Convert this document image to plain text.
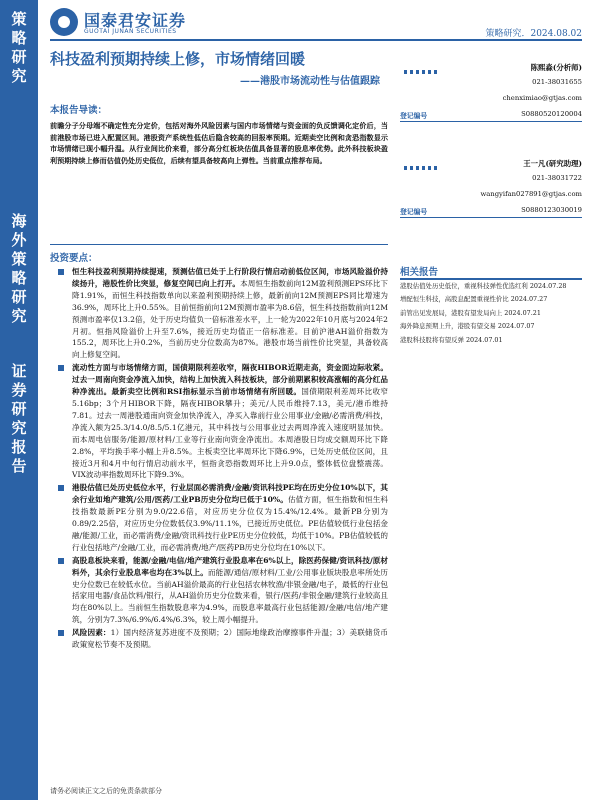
策略研究
海外策略研究
证券研究报告
国泰君安证券
GUOTAI JUNAN SECURITIES	策略研究．2024.08.02
科技盈利预期持续上修，市场情绪回暖
——港股市场流动性与估值跟踪
本报告导读：
前瞻分子分母端不确定性充分定价，包括对海外风险因素与国内市场情绪与资金面的负反馈调化定价后，当前港股市场已进入配置区间。港股资产系统性低估后隐含较高的回报率预期。近期卖空比例和贪恐指数显示市场情绪已现小幅升温。从行业间比价来看，部分高分红板块估值具备显著的股息率优势。此外科技板块盈利预期持续上修而估值仍处历史低位，后续有望具备较高向上弹性。当前重点推荐布局。
投资要点：
恒生科技盈利预期持续提速，预测估值已处于上行阶段行情启动前低位区间，市场风险溢价持续扬升，港股性价比突显，修复空间已向上打开。本周恒生指数前向12M盈利预测EPS环比下降1.91%，而恒生科技指数单向以来盈利预期持续上修，最新前向12M预测EPS同比增速为36.9%，周环比上升0.55%。目前恒指前向12M预测市盈率为8.6倍，恒生科技指数前向12M预测市盈率仅13.2倍，处于历史均值负一倍标准差水平，上一轮为2022年10月底与2024年2月初。恒指风险溢价上升至7.6%，接近历史均值正一倍标准差。目前沪港AH溢价指数为155.2，周环比上升0.2%，当前历史分位数高为87%。港股市场当前性价比突显，具备较高向上修复空间。
流动性方面与市场情绪方面，国债期限利差收窄，隔夜HIBOR近期走高，资金面边际收紧。过去一周南向资金净流入加快，结构上加快流入科技板块，部分前期累积较高涨幅的高分红品种净流出。最新卖空比例和RSI指标显示当前市场情绪有所回暖。国债期限利差周环比收窄5.16bp；3个月HIBOR下降，隔夜HIBOR攀升；美元/人民币维持7.13，美元/港币维持7.81。过去一周港股通南向资金加快净流入，净买入靠前行业公用事业/金融/必需消费/科技，净流入额为25.3/14.0/8.5/5.1亿港元，其中科技与公用事业过去两周净流入速度明显加快。而本周电信服务/能源/原材料/工业等行业南向资金净流出。本周港股日均成交额周环比下降2.8%，平均换手率小幅上升8.5%。主板卖空比率周环比下降6.9%，已处历史低位区间，且接近3月和4月中旬行情启动前水平，恒指贪恐指数周环比上升9.0点，整体低位盘整震荡。VIX波动率指数周环比下降9.3%。
港股估值已处历史低位水平，行业层面必需消费/金融/资讯科技PE均在历史分位10%以下，其余行业如地产建筑/公用/医药/工业PB历史分位均已低于10%。估值方面，恒生指数和恒生科技指数最新PE分别为9.0/22.6倍，对应历史分位仅为15.4%/12.4%。最新PB分别为0.89/2.25倍，对应历史分位数低仅3.9%/11.1%，已接近历史低位。PE估值较低行业包括金融/能源/工业，而必需消费/金融/资讯科技行业PE历史分位较低，均低于10%。PB估值较低的行业包括地产/金融/工业，而必需消费/地产/医药PB历史分位均在10%以下。
高股息板块来看，能源/金融/电信/地产建筑行业股息率在6%以上，除医药保健/资讯科技/原材料外，其余行业股息率也均在3%以上。而能源/通信/原材料/工业/公用事业版块股息率所处历史分位数已在较低水位。当前AH溢价最高的行业包括农林牧渔/非银金融/电子，最低的行业包括家用电器/食品饮料/银行，从AH溢价历史分位数来看，银行/医药/非银金融/建筑行业较高且均在80%以上。当前恒生指数股息率为4.9%，而股息率最高行业包括能源/金融/电信/地产建筑，分别为7.3%/6.9%/6.4%/6.3%，较上周小幅提升。
风险因素：1）国内经济复苏进度不及预期；2）国际地缘政治摩擦事件升温；3）美联储货币政策宽松节奏不及预期。
请务必阅读正文之后的免责条款部分
陈熙淼(分析师)
021-38031655
chenximiao@gtjas.com
登记编号	S0880520120004
王一凡(研究助理)
021-38031722
wangyifan027891@gtjas.com
登记编号	S0880123030019
相关报告
港股估值处历史低位，重视科技弹性优选红利 2024.07.28
增配恒生科技，高股息配置重视性价比 2024.07.27
前管出见发展局，港股有望发局向上 2024.07.21
海外降息预期上升，港股有望交易 2024.07.07
港股科技股将有望反弹 2024.07.01
